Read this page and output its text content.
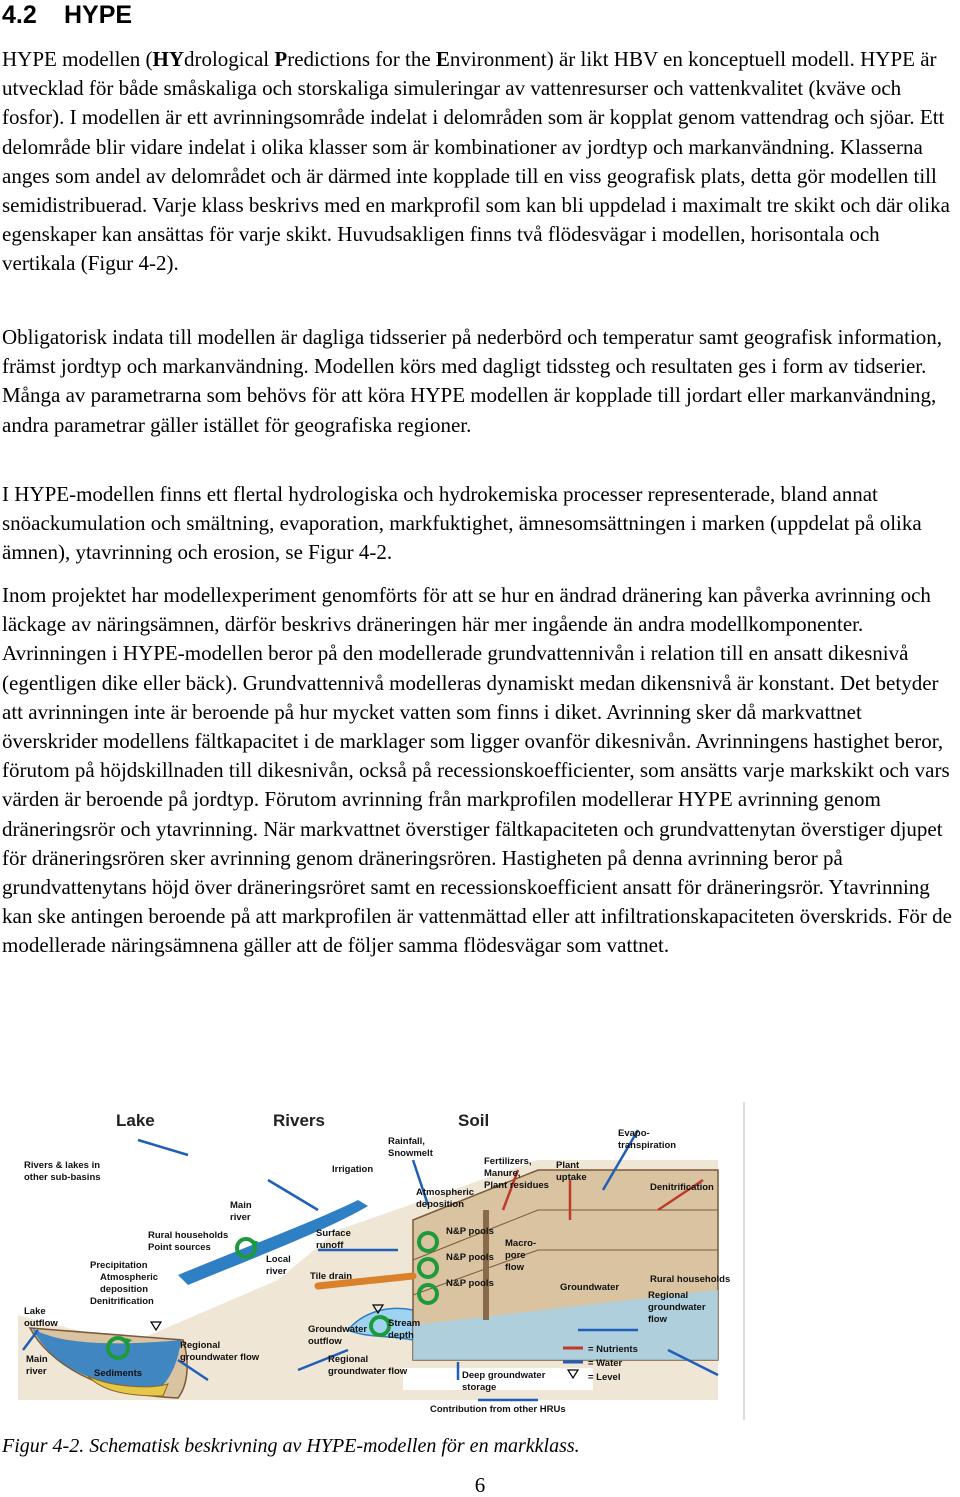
4.2 HYPE

HYPE modellen (HYdrological Predictions for the Environment) är likt HBV en konceptuell modell. HYPE är utvecklad för både småskaliga och storskaliga simuleringar av vattenresurser och vattenkvalitet (kväve och fosfor). I modellen är ett avrinningsområde indelat i delområden som är kopplat genom vattendrag och sjöar. Ett delområde blir vidare indelat i olika klasser som är kombinationer av jordtyp och markanvändning. Klasserna anges som andel av delområdet och är därmed inte kopplade till en viss geografisk plats, detta gör modellen till semidistribuerad. Varje klass beskrivs med en markprofil som kan bli uppdelad i maximalt tre skikt och där olika egenskaper kan ansättas för varje skikt. Huvudsakligen finns två flödesvägar i modellen, horisontala och vertikala (Figur 4-2).

Obligatorisk indata till modellen är dagliga tidsserier på nederbörd och temperatur samt geografisk information, främst jordtyp och markanvändning. Modellen körs med dagligt tidssteg och resultaten ges i form av tidserier. Många av parametrarna som behövs för att köra HYPE modellen är kopplade till jordart eller markanvändning, andra parametrar gäller istället för geografiska regioner.

I HYPE-modellen finns ett flertal hydrologiska och hydrokemiska processer representerade, bland annat snöackumulation och smältning, evaporation, markfuktighet, ämnesomsättningen i marken (uppdelat på olika ämnen), ytavrinning och erosion, se Figur 4-2.

Inom projektet har modellexperiment genomförts för att se hur en ändrad dränering kan påverka avrinning och läckage av näringsämnen, därför beskrivs dräneringen här mer ingående än andra modellkomponenter. Avrinningen i HYPE-modellen beror på den modellerade grundvattennivån i relation till en ansatt dikesnivå (egentligen dike eller bäck). Grundvattennivå modelleras dynamiskt medan dikensnivå är konstant. Det betyder att avrinningen inte är beroende på hur mycket vatten som finns i diket. Avrinning sker då markvattnet överskrider modellens fältkapacitet i de marklager som ligger ovanför dikesnivån. Avrinningens hastighet beror, förutom på höjdskillnaden till dikesnivån, också på recessionskoefficienter, som ansätts varje markskikt och vars värden är beroende på jordtyp. Förutom avrinning från markprofilen modellerar HYPE avrinning genom dräneringsrör och ytavrinning. När markvattnet överstiger fältkapaciteten och grundvattenytan överstiger djupet för dräneringsrören sker avrinning genom dräneringsrören. Hastigheten på denna avrinning beror på grundvattenytans höjd över dräneringsröret samt en recessionskoefficient ansatt för dräneringsrör. Ytavrinning kan ske antingen beroende på att markprofilen är vattenmättad eller att infiltrationskapaciteten överskrids. För de modellerade näringsämnena gäller att de följer samma flödesvägar som vattnet.

Lake	Rivers	Soil
Rivers & lakes in
other sub-basins
Irrigation
Rainfall,
Snowmelt
Evapo-
transpiration
Fertilizers,
Manure,
Plant residues
Plant
uptake
Atmospheric
deposition
Denitrification
Main
river
Rural households
Point sources
Surface
runoff
N&P pools
N&P pools
N&P pools
Macro-
pore
flow
Local
river Tile drain
Precipitation
Atmospheric
deposition
Denitrification
Groundwater
Rural households
Regional
groundwater
flow
Lake
outflow
Groundwater
outflow
Stream
depth
Regional
groundwater flow	Regional
groundwater flow
Main
river	Sediments	Deep groundwater
storage
= Nutrients
= Water
= Level
Contribution from other HRUs
Figur 4-2. Schematisk beskrivning av HYPE-modellen för en markklass.
6
